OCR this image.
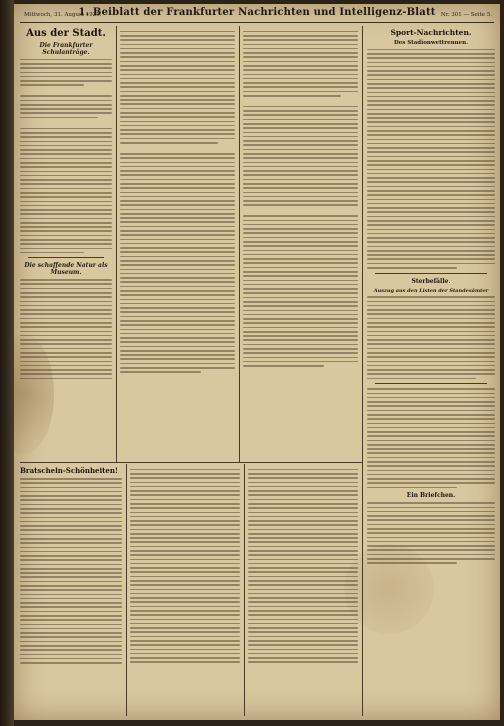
Mittwoch, 31. August 1925.
1. Beiblatt der Frankfurter Nachrichten und Intelligenz-Blatt Nr. 301 — Seite 5.
Aus der Stadt.
Die Frankfurter Schulanträge.
Die schaffende Natur als Museum.
Sport-Nachrichten.
Des Stadionwettrennen.
Sterbefälle.
Auszug aus den Listen der Standesämter
Ein Briefchen.
Bratscheln-Schönheiten!
